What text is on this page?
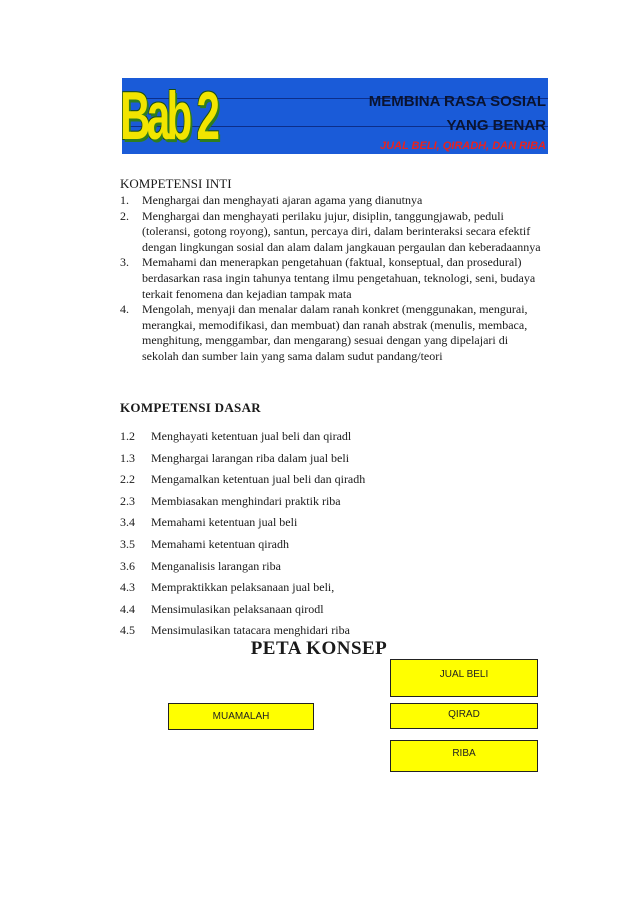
Bab 2	MEMBINA RASA SOSIAL
YANG BENAR
JUAL BELI, QIRADH, DAN RIBA
KOMPETENSI INTI
1.	Menghargai dan menghayati ajaran agama yang dianutnya
2.	Menghargai dan menghayati perilaku jujur, disiplin, tanggungjawab, peduli (toleransi, gotong royong), santun, percaya diri, dalam berinteraksi secara efektif dengan lingkungan sosial dan alam dalam jangkauan pergaulan dan keberadaannya
3.	Memahami dan menerapkan pengetahuan (faktual, konseptual, dan prosedural) berdasarkan rasa ingin tahunya tentang ilmu pengetahuan, teknologi, seni, budaya terkait fenomena dan kejadian tampak mata
4.	Mengolah, menyaji dan menalar dalam ranah konkret (menggunakan, mengurai, merangkai, memodifikasi, dan membuat) dan ranah abstrak (menulis, membaca, menghitung, menggambar, dan mengarang) sesuai dengan yang dipelajari di sekolah dan sumber lain yang sama dalam sudut pandang/teori
KOMPETENSI DASAR
1.2	Menghayati ketentuan jual beli dan qiradl
1.3	Menghargai larangan riba dalam jual beli
2.2	Mengamalkan ketentuan jual beli dan qiradh
2.3	Membiasakan menghindari praktik riba
3.4	Memahami ketentuan jual beli
3.5	Memahami ketentuan qiradh
3.6	Menganalisis larangan riba
4.3	Mempraktikkan pelaksanaan jual beli,
4.4	Mensimulasikan pelaksanaan qirodl
4.5	Mensimulasikan tatacara menghidari riba
PETA KONSEP
JUAL BELI
QIRAD
RIBA
MUAMALAH
